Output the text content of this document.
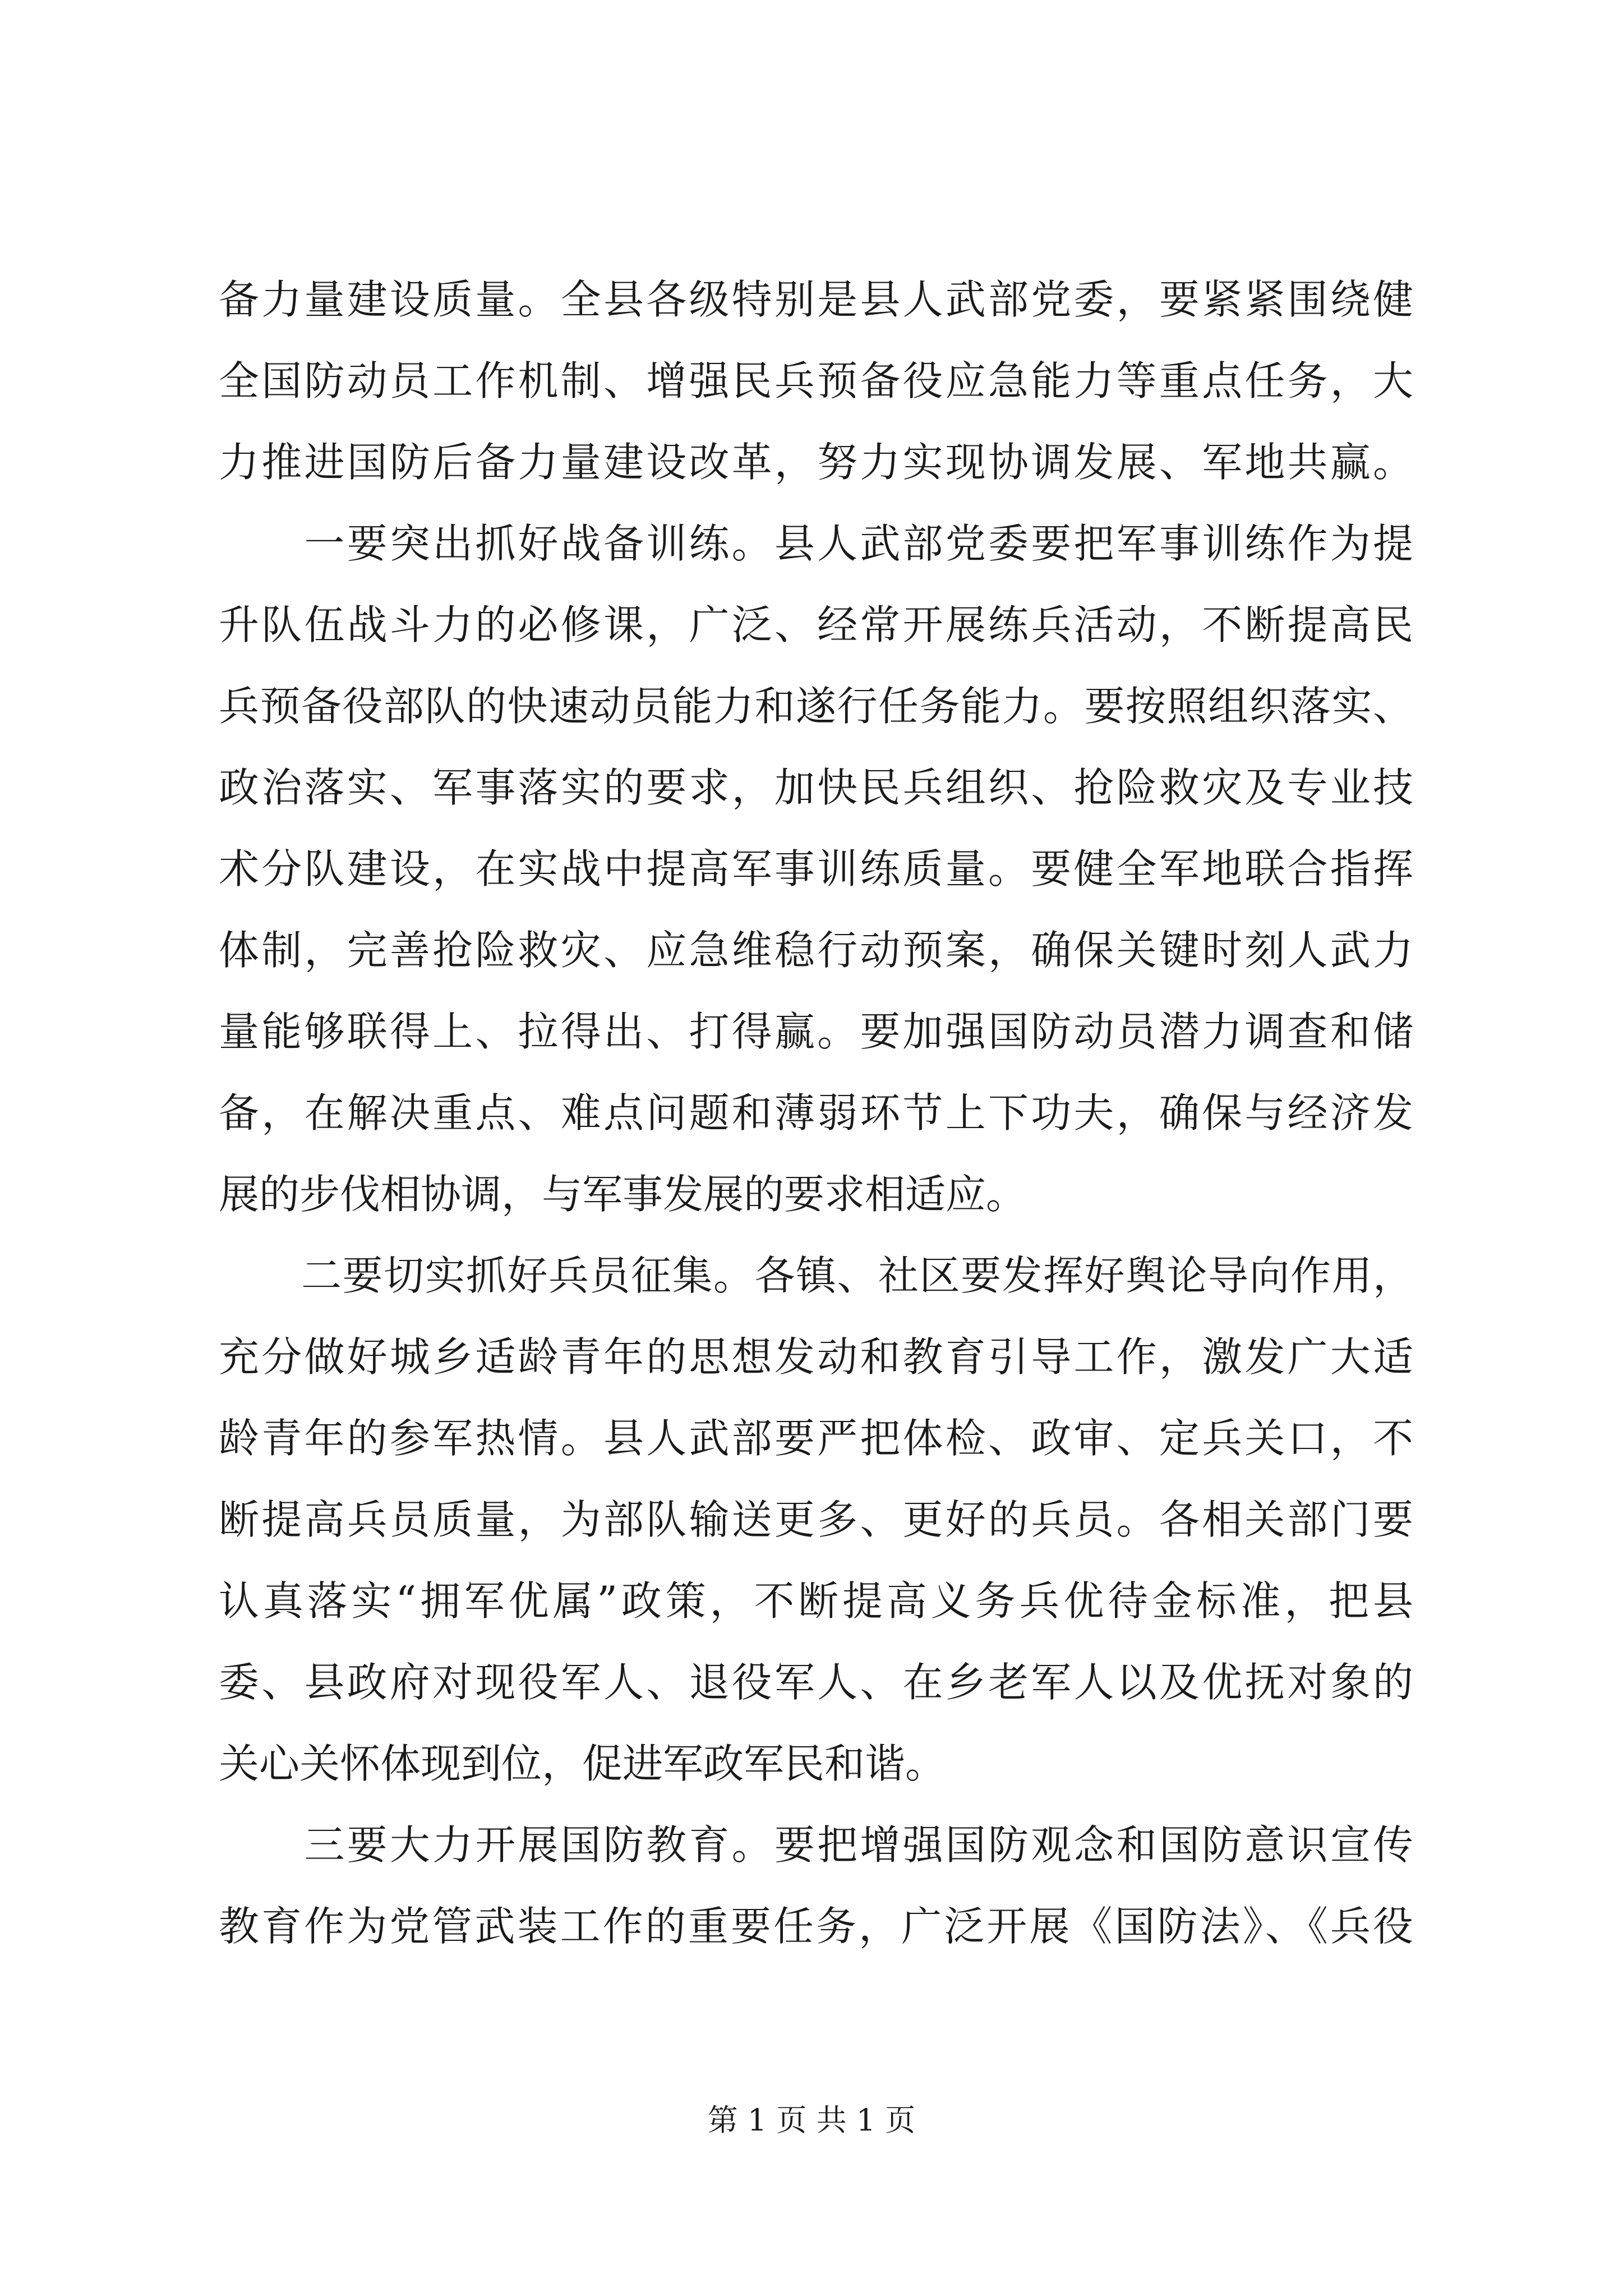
备力量建设质量。全县各级特别是县人武部党委，要紧紧围绕健
全国防动员工作机制、增强民兵预备役应急能力等重点任务，大
力推进国防后备力量建设改革，努力实现协调发展、军地共赢。
　　一要突出抓好战备训练。县人武部党委要把军事训练作为提
升队伍战斗力的必修课，广泛、经常开展练兵活动，不断提高民
兵预备役部队的快速动员能力和遂行任务能力。要按照组织落实、
政治落实、军事落实的要求，加快民兵组织、抢险救灾及专业技
术分队建设，在实战中提高军事训练质量。要健全军地联合指挥
体制，完善抢险救灾、应急维稳行动预案，确保关键时刻人武力
量能够联得上、拉得出、打得赢。要加强国防动员潜力调查和储
备，在解决重点、难点问题和薄弱环节上下功夫，确保与经济发
展的步伐相协调，与军事发展的要求相适应。
　　二要切实抓好兵员征集。各镇、社区要发挥好舆论导向作用，
充分做好城乡适龄青年的思想发动和教育引导工作，激发广大适
龄青年的参军热情。县人武部要严把体检、政审、定兵关口，不
断提高兵员质量，为部队输送更多、更好的兵员。各相关部门要
认真落实“拥军优属”政策，不断提高义务兵优待金标准，把县
委、县政府对现役军人、退役军人、在乡老军人以及优抚对象的
关心关怀体现到位，促进军政军民和谐。
　　三要大力开展国防教育。要把增强国防观念和国防意识宣传
教育作为党管武装工作的重要任务，广泛开展《国防法》、《兵役
第 1 页 共 1 页
